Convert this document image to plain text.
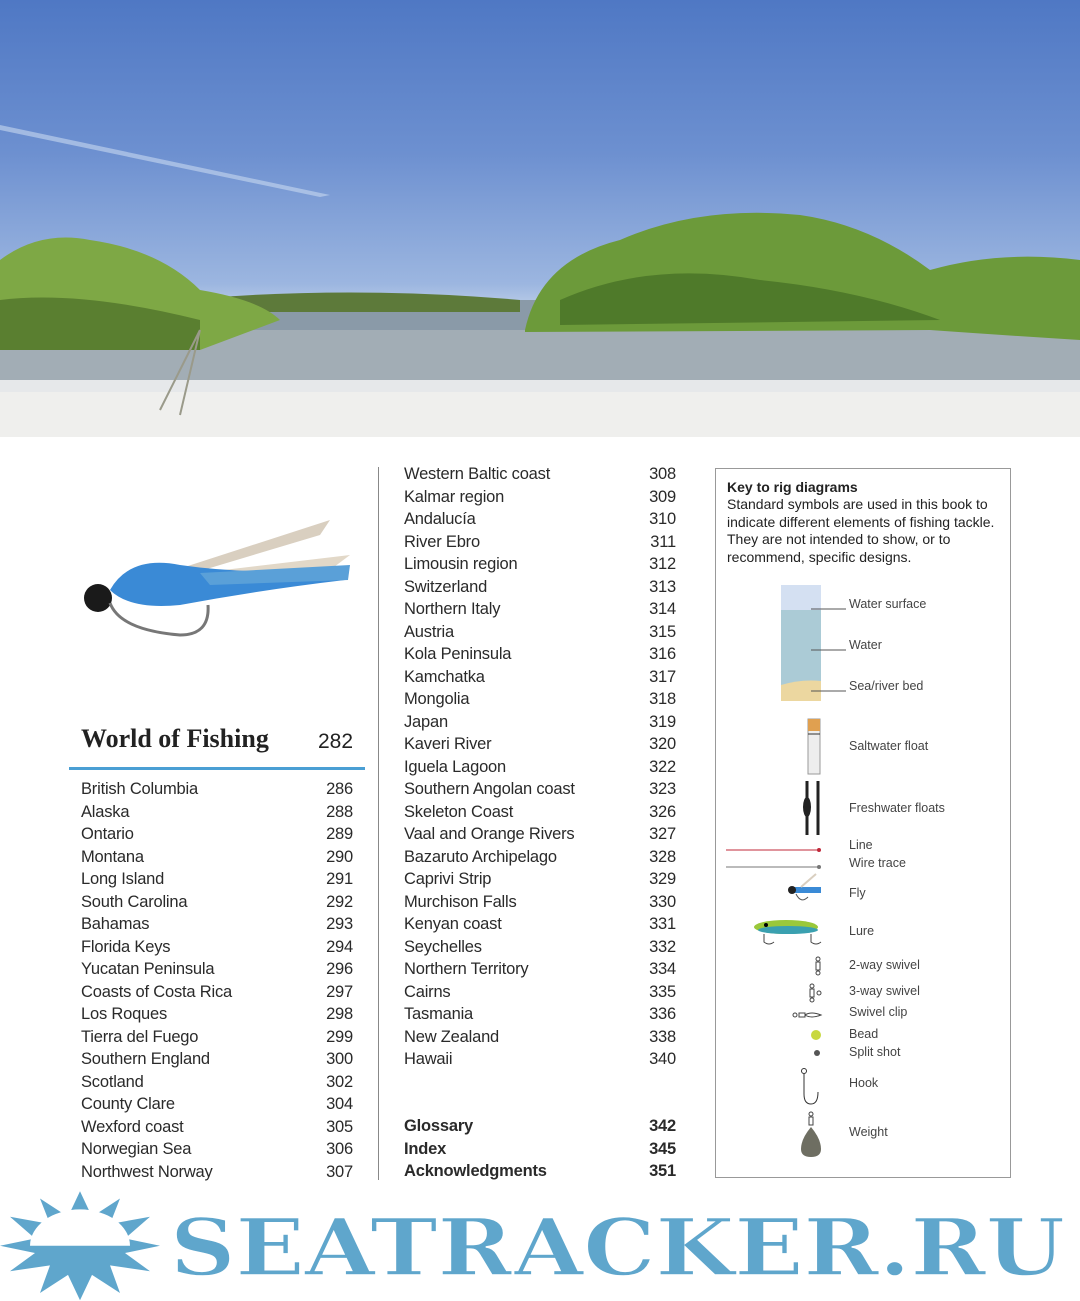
World of Fishing 282
British Columbia	286
Alaska	288
Ontario	289
Montana	290
Long Island	291
South Carolina	292
Bahamas	293
Florida Keys	294
Yucatan Peninsula	296
Coasts of Costa Rica	297
Los Roques	298
Tierra del Fuego	299
Southern England	300
Scotland	302
County Clare	304
Wexford coast	305
Norwegian Sea	306
Northwest Norway	307
Western Baltic coast	308
Kalmar region	309
Andalucía	310
River Ebro	311
Limousin region	312
Switzerland	313
Northern Italy	314
Austria	315
Kola Peninsula	316
Kamchatka	317
Mongolia	318
Japan	319
Kaveri River	320
Iguela Lagoon	322
Southern Angolan coast	323
Skeleton Coast	326
Vaal and Orange Rivers	327
Bazaruto Archipelago	328
Caprivi Strip	329
Murchison Falls	330
Kenyan coast	331
Seychelles	332
Northern Territory	334
Cairns	335
Tasmania	336
New Zealand	338
Hawaii	340
Glossary	342
Index	345
Acknowledgments	351
Key to rig diagrams
Standard symbols are used in this book to indicate different elements of fishing tackle. They are not intended to show, or to recommend, specific designs.
Water surface
Water
Sea/river bed
Saltwater float
Freshwater floats
Line
Wire trace
Fly
Lure
2-way swivel
3-way swivel
Swivel clip
Bead
Split shot
Hook
Weight
SEATRACKER.RU
